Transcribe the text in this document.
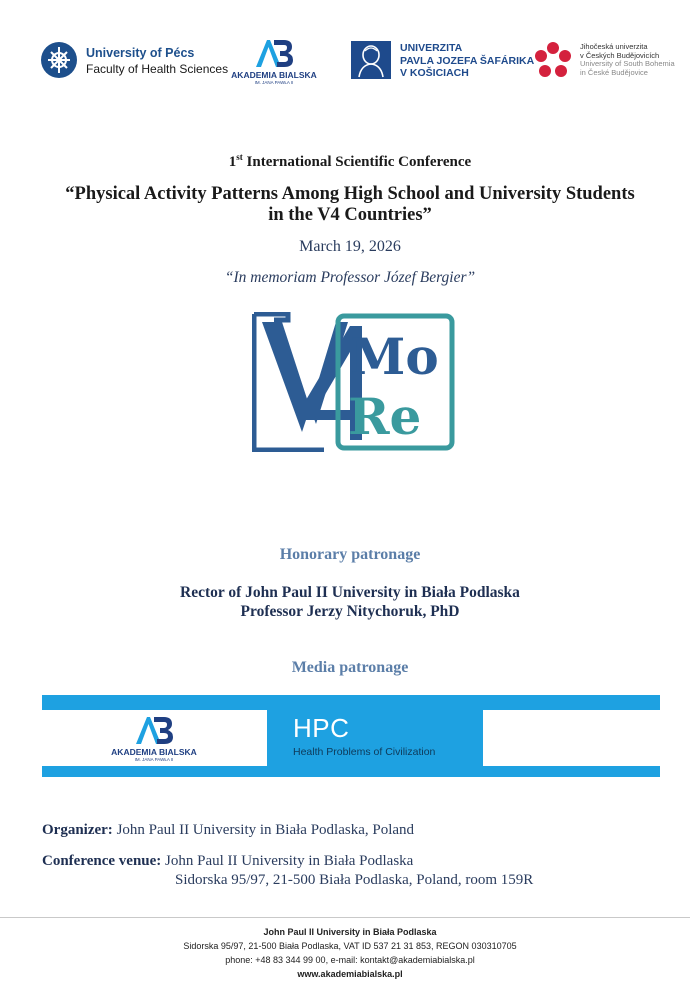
University of Pécs
Faculty of Health Sciences AKADEMIA BIALSKA
IM. JANA PAWŁA II
UNIVERZITA
PAVLA JOZEFA ŠAFÁRIKA
V KOŠICIACH
Jihočeská univerzita
v Českých Budějovicích
University of South Bohemia
in České Budějovice
1st International Scientific Conference
“Physical Activity Patterns Among High School and University Students
in the V4 Countries”
March 19, 2026
“In memoriam Professor Józef Bergier”
Mo
Re
Honorary patronage
Rector of John Paul II University in Biała Podlaska
Professor Jerzy Nitychoruk, PhD
Media patronage
AKADEMIA BIALSKA
IM. JANA PAWŁA II
HPC
Health Problems of Civilization
Organizer: John Paul II University in Biała Podlaska, Poland
Conference venue: John Paul II University in Biała Podlaska
Sidorska 95/97, 21-500 Biała Podlaska, Poland, room 159R
John Paul II University in Biała Podlaska
Sidorska 95/97, 21-500 Biała Podlaska, VAT ID 537 21 31 853, REGON 030310705
phone: +48 83 344 99 00, e-mail: kontakt@akademiabialska.pl
www.akademiabialska.pl
